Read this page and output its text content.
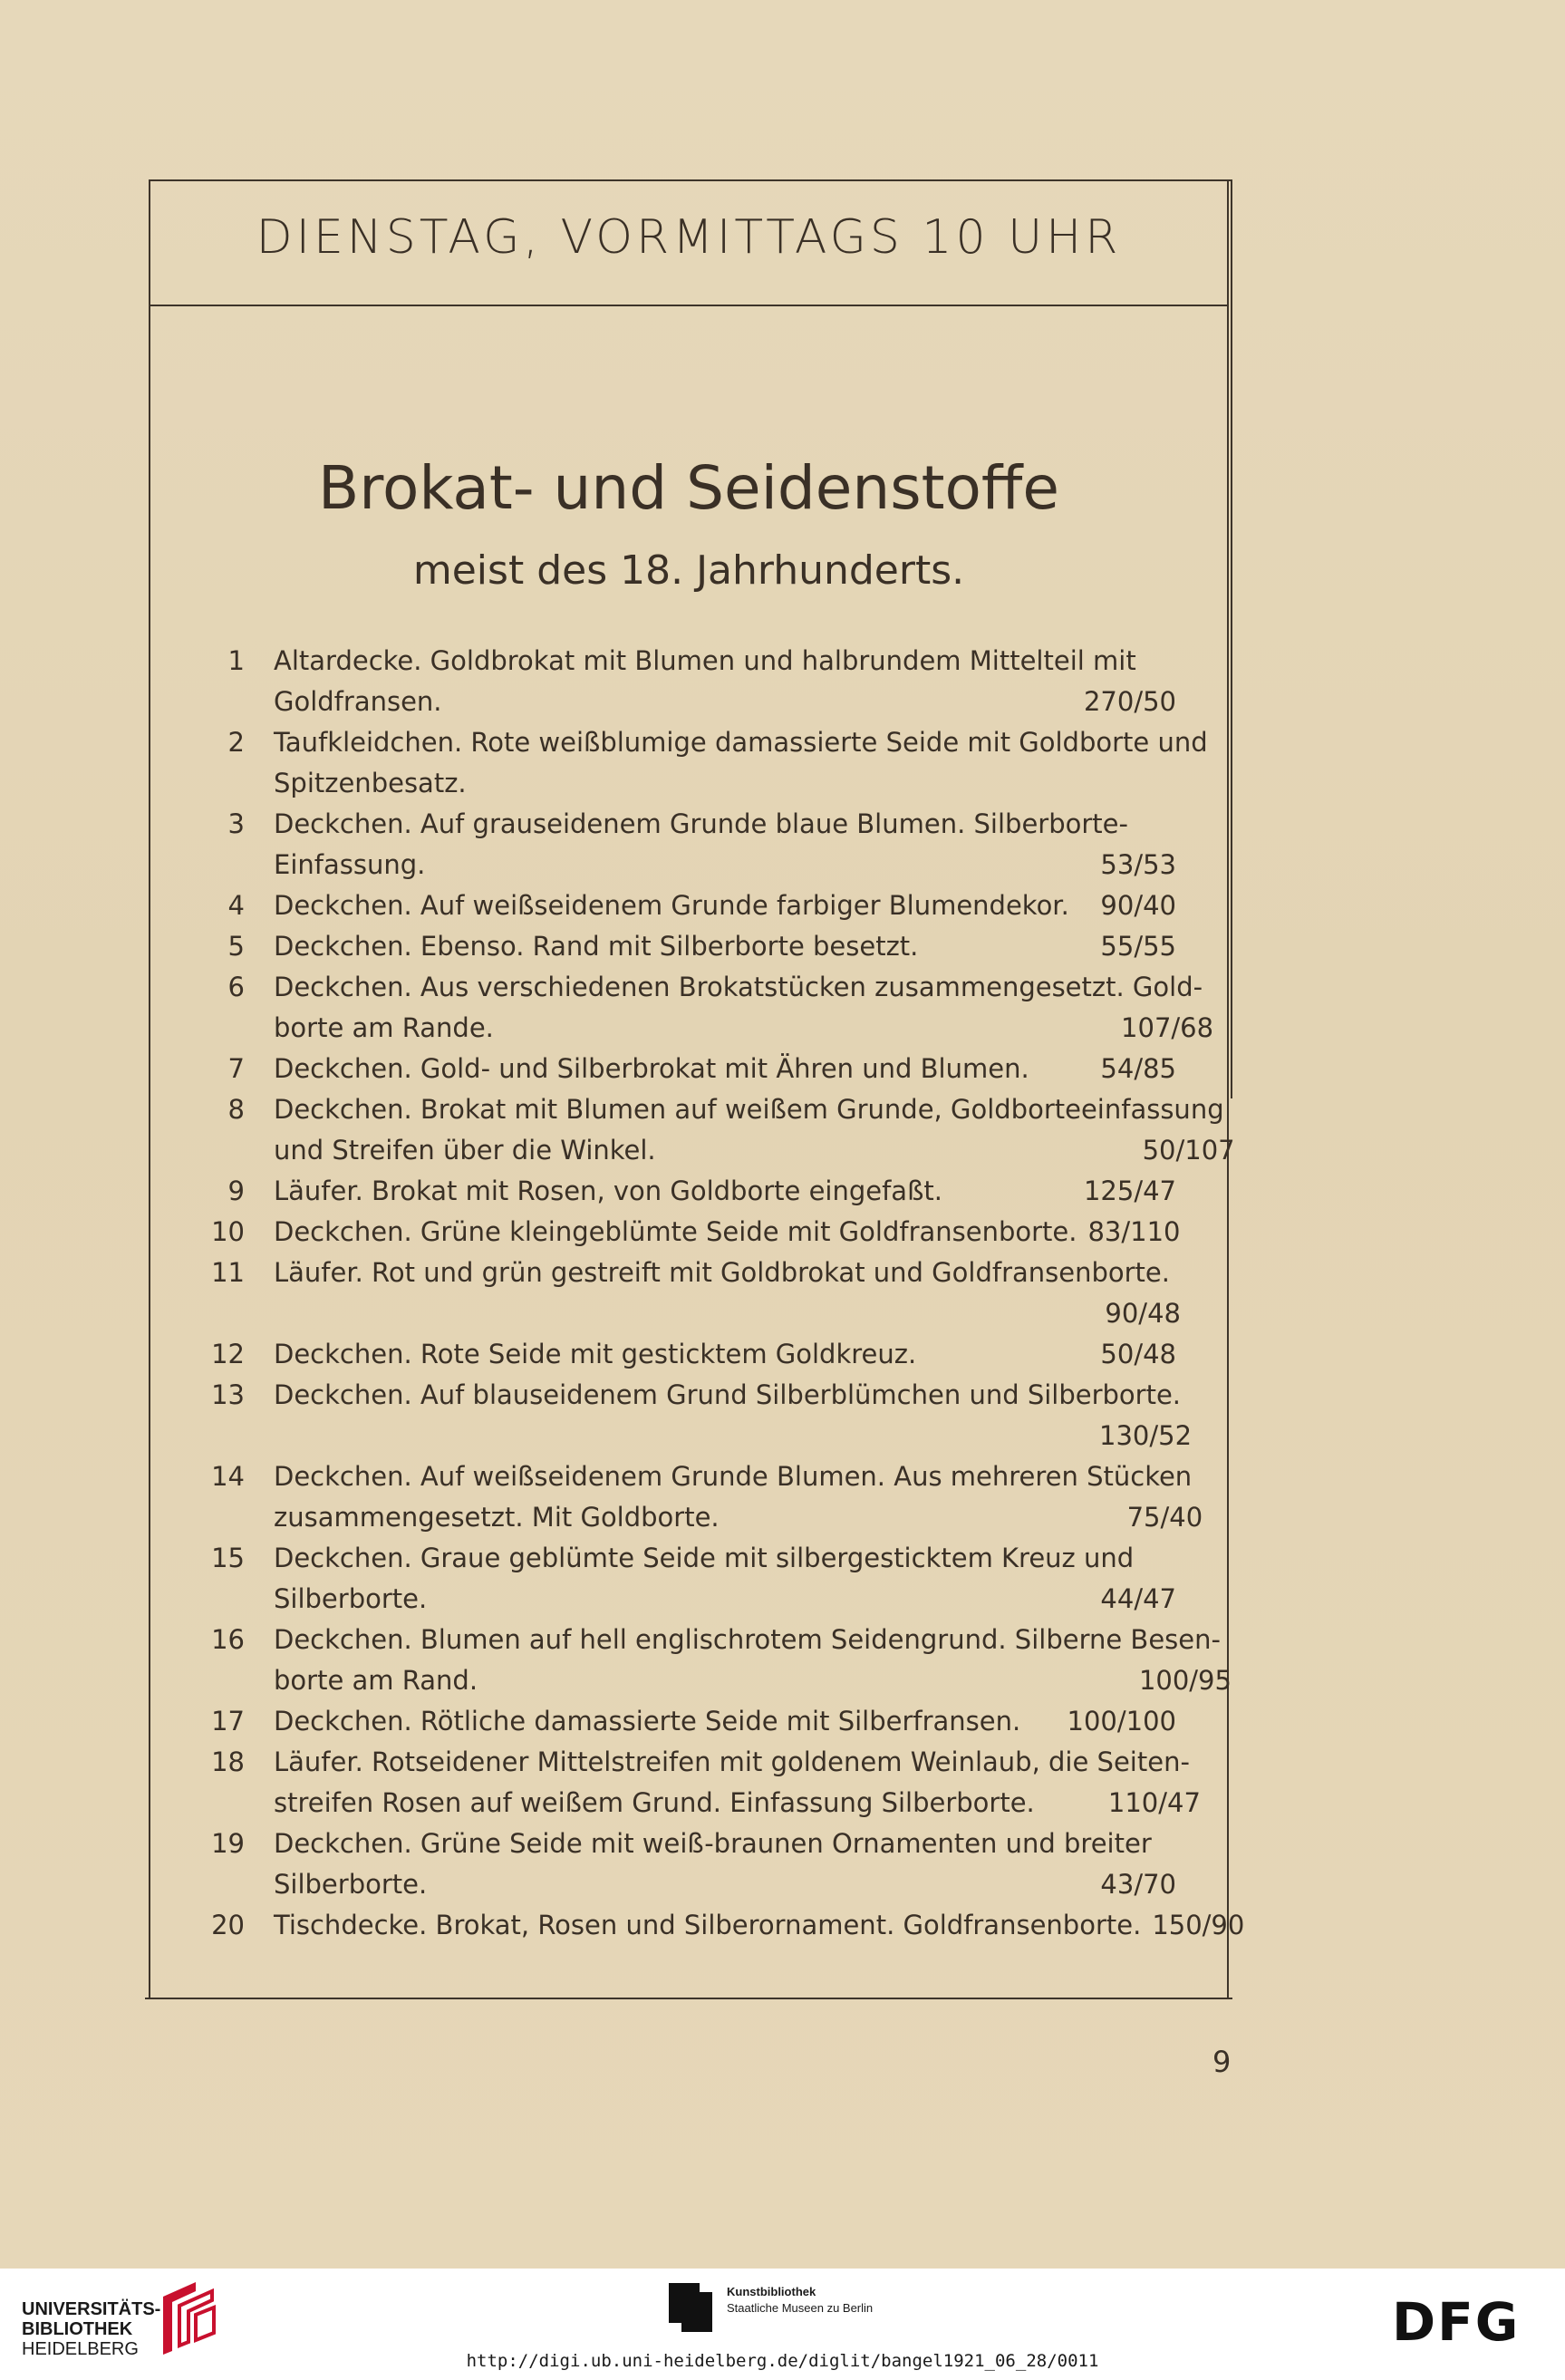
DIENSTAG, VORMITTAGS 10 UHR
Brokat- und Seidenstoffe
meist des 18. Jahrhunderts.
1	Altardecke. Goldbrokat mit Blumen und halbrundem Mittelteil mit
Goldfransen.	270/50
2	Taufkleidchen. Rote weißblumige damassierte Seide mit Goldborte und
Spitzenbesatz.
3	Deckchen. Auf grauseidenem Grunde blaue Blumen. Silberborte-
Einfassung.	53/53
4	Deckchen. Auf weißseidenem Grunde farbiger Blumendekor.	90/40
5	Deckchen. Ebenso. Rand mit Silberborte besetzt.	55/55
6	Deckchen. Aus verschiedenen Brokatstücken zusammengesetzt. Gold-
borte am Rande.	107/68
7	Deckchen. Gold- und Silberbrokat mit Ähren und Blumen.	54/85
8	Deckchen. Brokat mit Blumen auf weißem Grunde, Goldborteeinfassung
und Streifen über die Winkel.	50/107
9	Läufer. Brokat mit Rosen, von Goldborte eingefaßt.	125/47
10	Deckchen. Grüne kleingeblümte Seide mit Goldfransenborte. 83/110
11	Läufer. Rot und grün gestreift mit Goldbrokat und Goldfransenborte.
90/48
12	Deckchen. Rote Seide mit gesticktem Goldkreuz.	50/48
13	Deckchen. Auf blauseidenem Grund Silberblümchen und Silberborte.
130/52
14	Deckchen. Auf weißseidenem Grunde Blumen. Aus mehreren Stücken
zusammengesetzt. Mit Goldborte.	75/40
15	Deckchen. Graue geblümte Seide mit silbergesticktem Kreuz und
Silberborte.	44/47
16	Deckchen. Blumen auf hell englischrotem Seidengrund. Silberne Besen-
borte am Rand.	100/95
17	Deckchen. Rötliche damassierte Seide mit Silberfransen.	100/100
18	Läufer. Rotseidener Mittelstreifen mit goldenem Weinlaub, die Seiten-
streifen Rosen auf weißem Grund. Einfassung Silberborte.	110/47
19	Deckchen. Grüne Seide mit weiß-braunen Ornamenten und breiter
Silberborte.	43/70
20	Tischdecke. Brokat, Rosen und Silberornament. Goldfransenborte. 150/90
9
UNIVERSITÄTS-
BIBLIOTHEK
HEIDELBERG
Kunstbibliothek
Staatliche Museen zu Berlin	DFG
http://digi.ub.uni-heidelberg.de/diglit/bangel1921_06_28/0011
